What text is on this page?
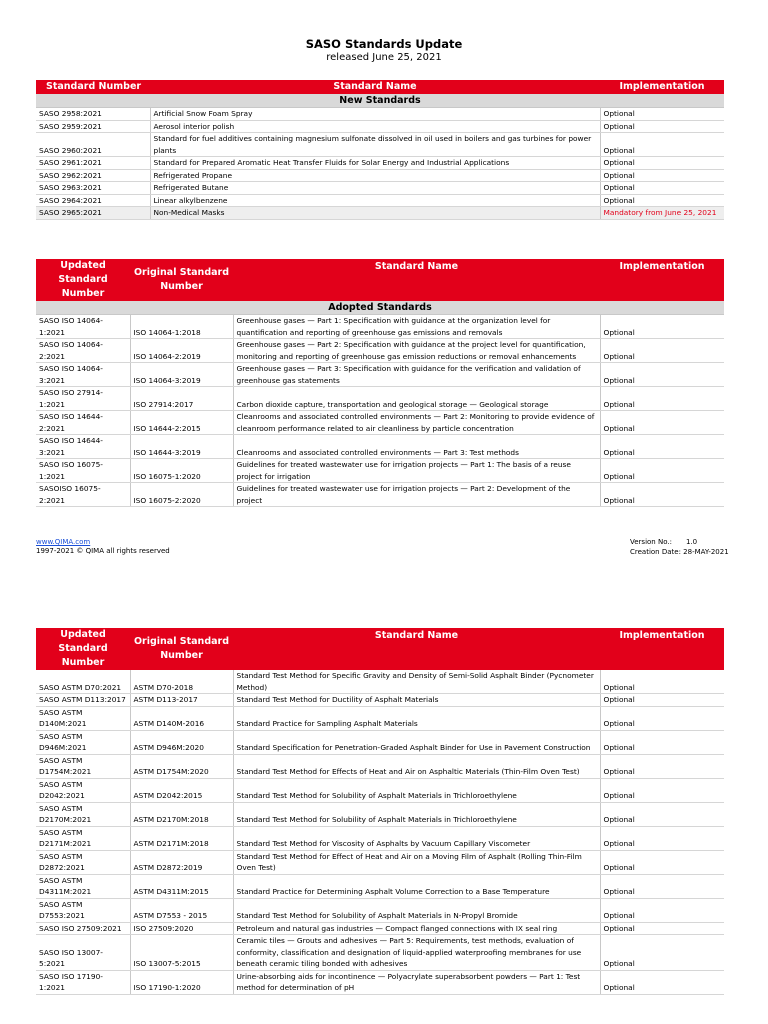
SASO Standards Update
released June 25, 2021
Standard Number	Standard Name	Implementation
New Standards		
SASO 2958:2021	Artificial Snow Foam Spray	Optional
SASO 2959:2021	Aerosol interior polish	Optional
SASO 2960:2021	Standard for fuel additives containing magnesium sulfonate dissolved in oil used in boilers and gas turbines for power plants	Optional
SASO 2961:2021	Standard for Prepared Aromatic Heat Transfer Fluids for Solar Energy and Industrial Applications	Optional
SASO 2962:2021	Refrigerated Propane	Optional
SASO 2963:2021	Refrigerated Butane	Optional
SASO 2964:2021	Linear alkylbenzene	Optional
SASO 2965:2021	Non-Medical Masks	Mandatory from June 25, 2021
Updated Standard Number	Original Standard Number	Standard Name	Implementation
Adopted Standards			
SASO ISO 14064-1:2021	ISO 14064-1:2018	Greenhouse gases — Part 1: Specification with guidance at the organization level for quantification and reporting of greenhouse gas emissions and removals	Optional
SASO ISO 14064-2:2021	ISO 14064-2:2019	Greenhouse gases — Part 2: Specification with guidance at the project level for quantification, monitoring and reporting of greenhouse gas emission reductions or removal enhancements	Optional
SASO ISO 14064-3:2021	ISO 14064-3:2019	Greenhouse gases — Part 3: Specification with guidance for the verification and validation of greenhouse gas statements	Optional
SASO ISO 27914-1:2021	ISO 27914:2017	Carbon dioxide capture, transportation and geological storage — Geological storage	Optional
SASO ISO 14644-2:2021	ISO 14644-2:2015	Cleanrooms and associated controlled environments — Part 2: Monitoring to provide evidence of cleanroom performance related to air cleanliness by particle concentration	Optional
SASO ISO 14644-3:2021	ISO 14644-3:2019	Cleanrooms and associated controlled environments — Part 3: Test methods	Optional
SASO ISO 16075-1:2021	ISO 16075-1:2020	Guidelines for treated wastewater use for irrigation projects — Part 1: The basis of a reuse project for irrigation	Optional
SASOISO 16075-2:2021	ISO 16075-2:2020	Guidelines for treated wastewater use for irrigation projects — Part 2: Development of the project	Optional
www.QIMA.com
1997-2021 © QIMA all rights reserved
Version No.: 1.0
Creation Date: 28-MAY-2021
Updated Standard Number	Original Standard Number	Standard Name	Implementation
SASO ASTM D70:2021	ASTM D70-2018	Standard Test Method for Specific Gravity and Density of Semi-Solid Asphalt Binder (Pycnometer Method)	Optional
SASO ASTM D113:2017	ASTM D113-2017	Standard Test Method for Ductility of Asphalt Materials	Optional
SASO ASTM D140M:2021	ASTM D140M-2016	Standard Practice for Sampling Asphalt Materials	Optional
SASO ASTM D946M:2021	ASTM D946M:2020	Standard Specification for Penetration-Graded Asphalt Binder for Use in Pavement Construction	Optional
SASO ASTM D1754M:2021	ASTM D1754M:2020	Standard Test Method for Effects of Heat and Air on Asphaltic Materials (Thin-Film Oven Test)	Optional
SASO ASTM D2042:2021	ASTM D2042:2015	Standard Test Method for Solubility of Asphalt Materials in Trichloroethylene	Optional
SASO ASTM D2170M:2021	ASTM D2170M:2018	Standard Test Method for Solubility of Asphalt Materials in Trichloroethylene	Optional
SASO ASTM D2171M:2021	ASTM D2171M:2018	Standard Test Method for Viscosity of Asphalts by Vacuum Capillary Viscometer	Optional
SASO ASTM D2872:2021	ASTM D2872:2019	Standard Test Method for Effect of Heat and Air on a Moving Film of Asphalt (Rolling Thin-Film Oven Test)	Optional
SASO ASTM D4311M:2021	ASTM D4311M:2015	Standard Practice for Determining Asphalt Volume Correction to a Base Temperature	Optional
SASO ASTM D7553:2021	ASTM D7553 - 2015	Standard Test Method for Solubility of Asphalt Materials in N-Propyl Bromide	Optional
SASO ISO 27509:2021	ISO 27509:2020	Petroleum and natural gas industries — Compact flanged connections with IX seal ring	Optional
SASO ISO 13007-5:2021	ISO 13007-5:2015	Ceramic tiles — Grouts and adhesives — Part 5: Requirements, test methods, evaluation of conformity, classification and designation of liquid-applied waterproofing membranes for use beneath ceramic tiling bonded with adhesives	Optional
SASO ISO 17190-1:2021	ISO 17190-1:2020	Urine-absorbing aids for incontinence — Polyacrylate superabsorbent powders — Part 1: Test method for determination of pH	Optional
